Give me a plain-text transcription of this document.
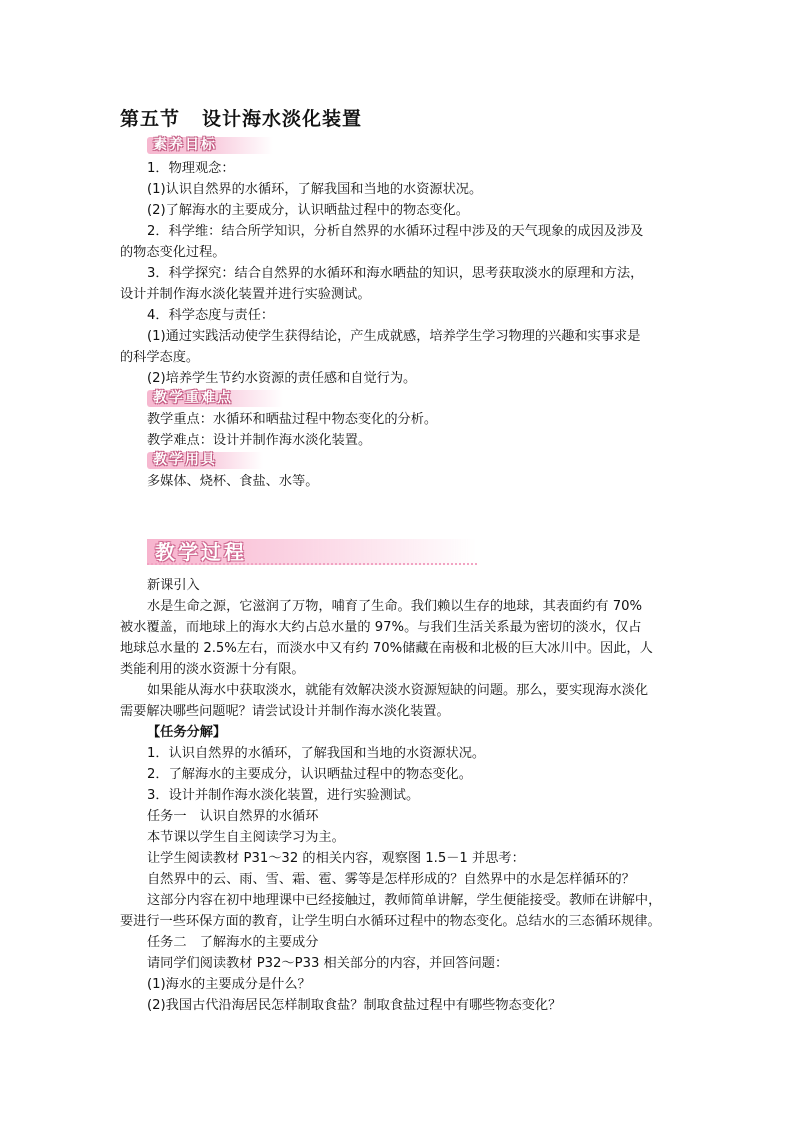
第五节 设计海水淡化装置
素养目标
1．物理观念：
(1)认识自然界的水循环，了解我国和当地的水资源状况。
(2)了解海水的主要成分，认识晒盐过程中的物态变化。
2．科学维：结合所学知识，分析自然界的水循环过程中涉及的天气现象的成因及涉及
的物态变化过程。
3．科学探究：结合自然界的水循环和海水晒盐的知识，思考获取淡水的原理和方法，
设计并制作海水淡化装置并进行实验测试。
4．科学态度与责任：
(1)通过实践活动使学生获得结论，产生成就感，培养学生学习物理的兴趣和实事求是
的科学态度。
(2)培养学生节约水资源的责任感和自觉行为。
教学重难点
教学重点：水循环和晒盐过程中物态变化的分析。
教学难点：设计并制作海水淡化装置。
教学用具
多媒体、烧杯、食盐、水等。
教学过程
新课引入
水是生命之源，它滋润了万物，哺育了生命。我们赖以生存的地球，其表面约有 70%
被水覆盖，而地球上的海水大约占总水量的 97%。与我们生活关系最为密切的淡水，仅占
地球总水量的 2.5%左右，而淡水中又有约 70%储藏在南极和北极的巨大冰川中。因此，人
类能利用的淡水资源十分有限。
如果能从海水中获取淡水，就能有效解决淡水资源短缺的问题。那么，要实现海水淡化
需要解决哪些问题呢？请尝试设计并制作海水淡化装置。
【任务分解】
1．认识自然界的水循环，了解我国和当地的水资源状况。
2．了解海水的主要成分，认识晒盐过程中的物态变化。
3．设计并制作海水淡化装置，进行实验测试。
任务一　认识自然界的水循环
本节课以学生自主阅读学习为主。
让学生阅读教材 P31～32 的相关内容，观察图 1.5－1 并思考：
自然界中的云、雨、雪、霜、雹、雾等是怎样形成的？自然界中的水是怎样循环的？
这部分内容在初中地理课中已经接触过，教师简单讲解，学生便能接受。教师在讲解中，
要进行一些环保方面的教育，让学生明白水循环过程中的物态变化。总结水的三态循环规律。
任务二　了解海水的主要成分
请同学们阅读教材 P32～P33 相关部分的内容，并回答问题：
(1)海水的主要成分是什么？
(2)我国古代沿海居民怎样制取食盐？制取食盐过程中有哪些物态变化？
